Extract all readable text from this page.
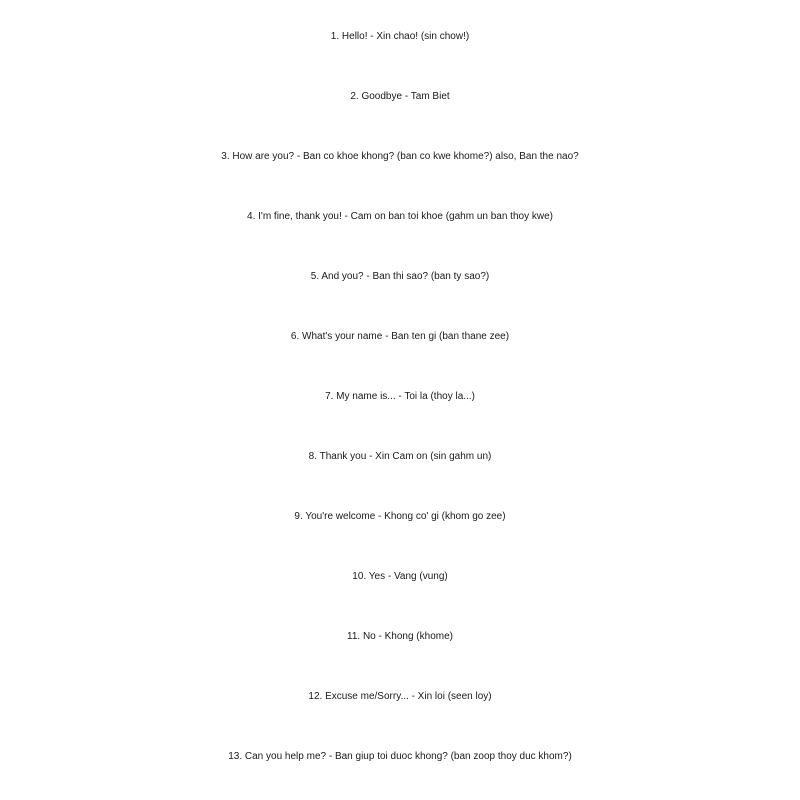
1. Hello! - Xin chao! (sin chow!)
2. Goodbye - Tam Biet
3. How are you? - Ban co khoe khong? (ban co kwe khome?) also, Ban the nao?
4. I'm fine, thank you! - Cam on ban toi khoe (gahm un ban thoy kwe)
5. And you? - Ban thi sao? (ban ty sao?)
6. What's your name - Ban ten gi (ban thane zee)
7. My name is... - Toi la (thoy la...)
8. Thank you - Xin Cam on (sin gahm un)
9. You're welcome - Khong co' gi (khom go zee)
10. Yes - Vang (vung)
11. No - Khong (khome)
12. Excuse me/Sorry... - Xin loi (seen loy)
13. Can you help me? - Ban giup toi duoc khong? (ban zoop thoy duc khom?)
